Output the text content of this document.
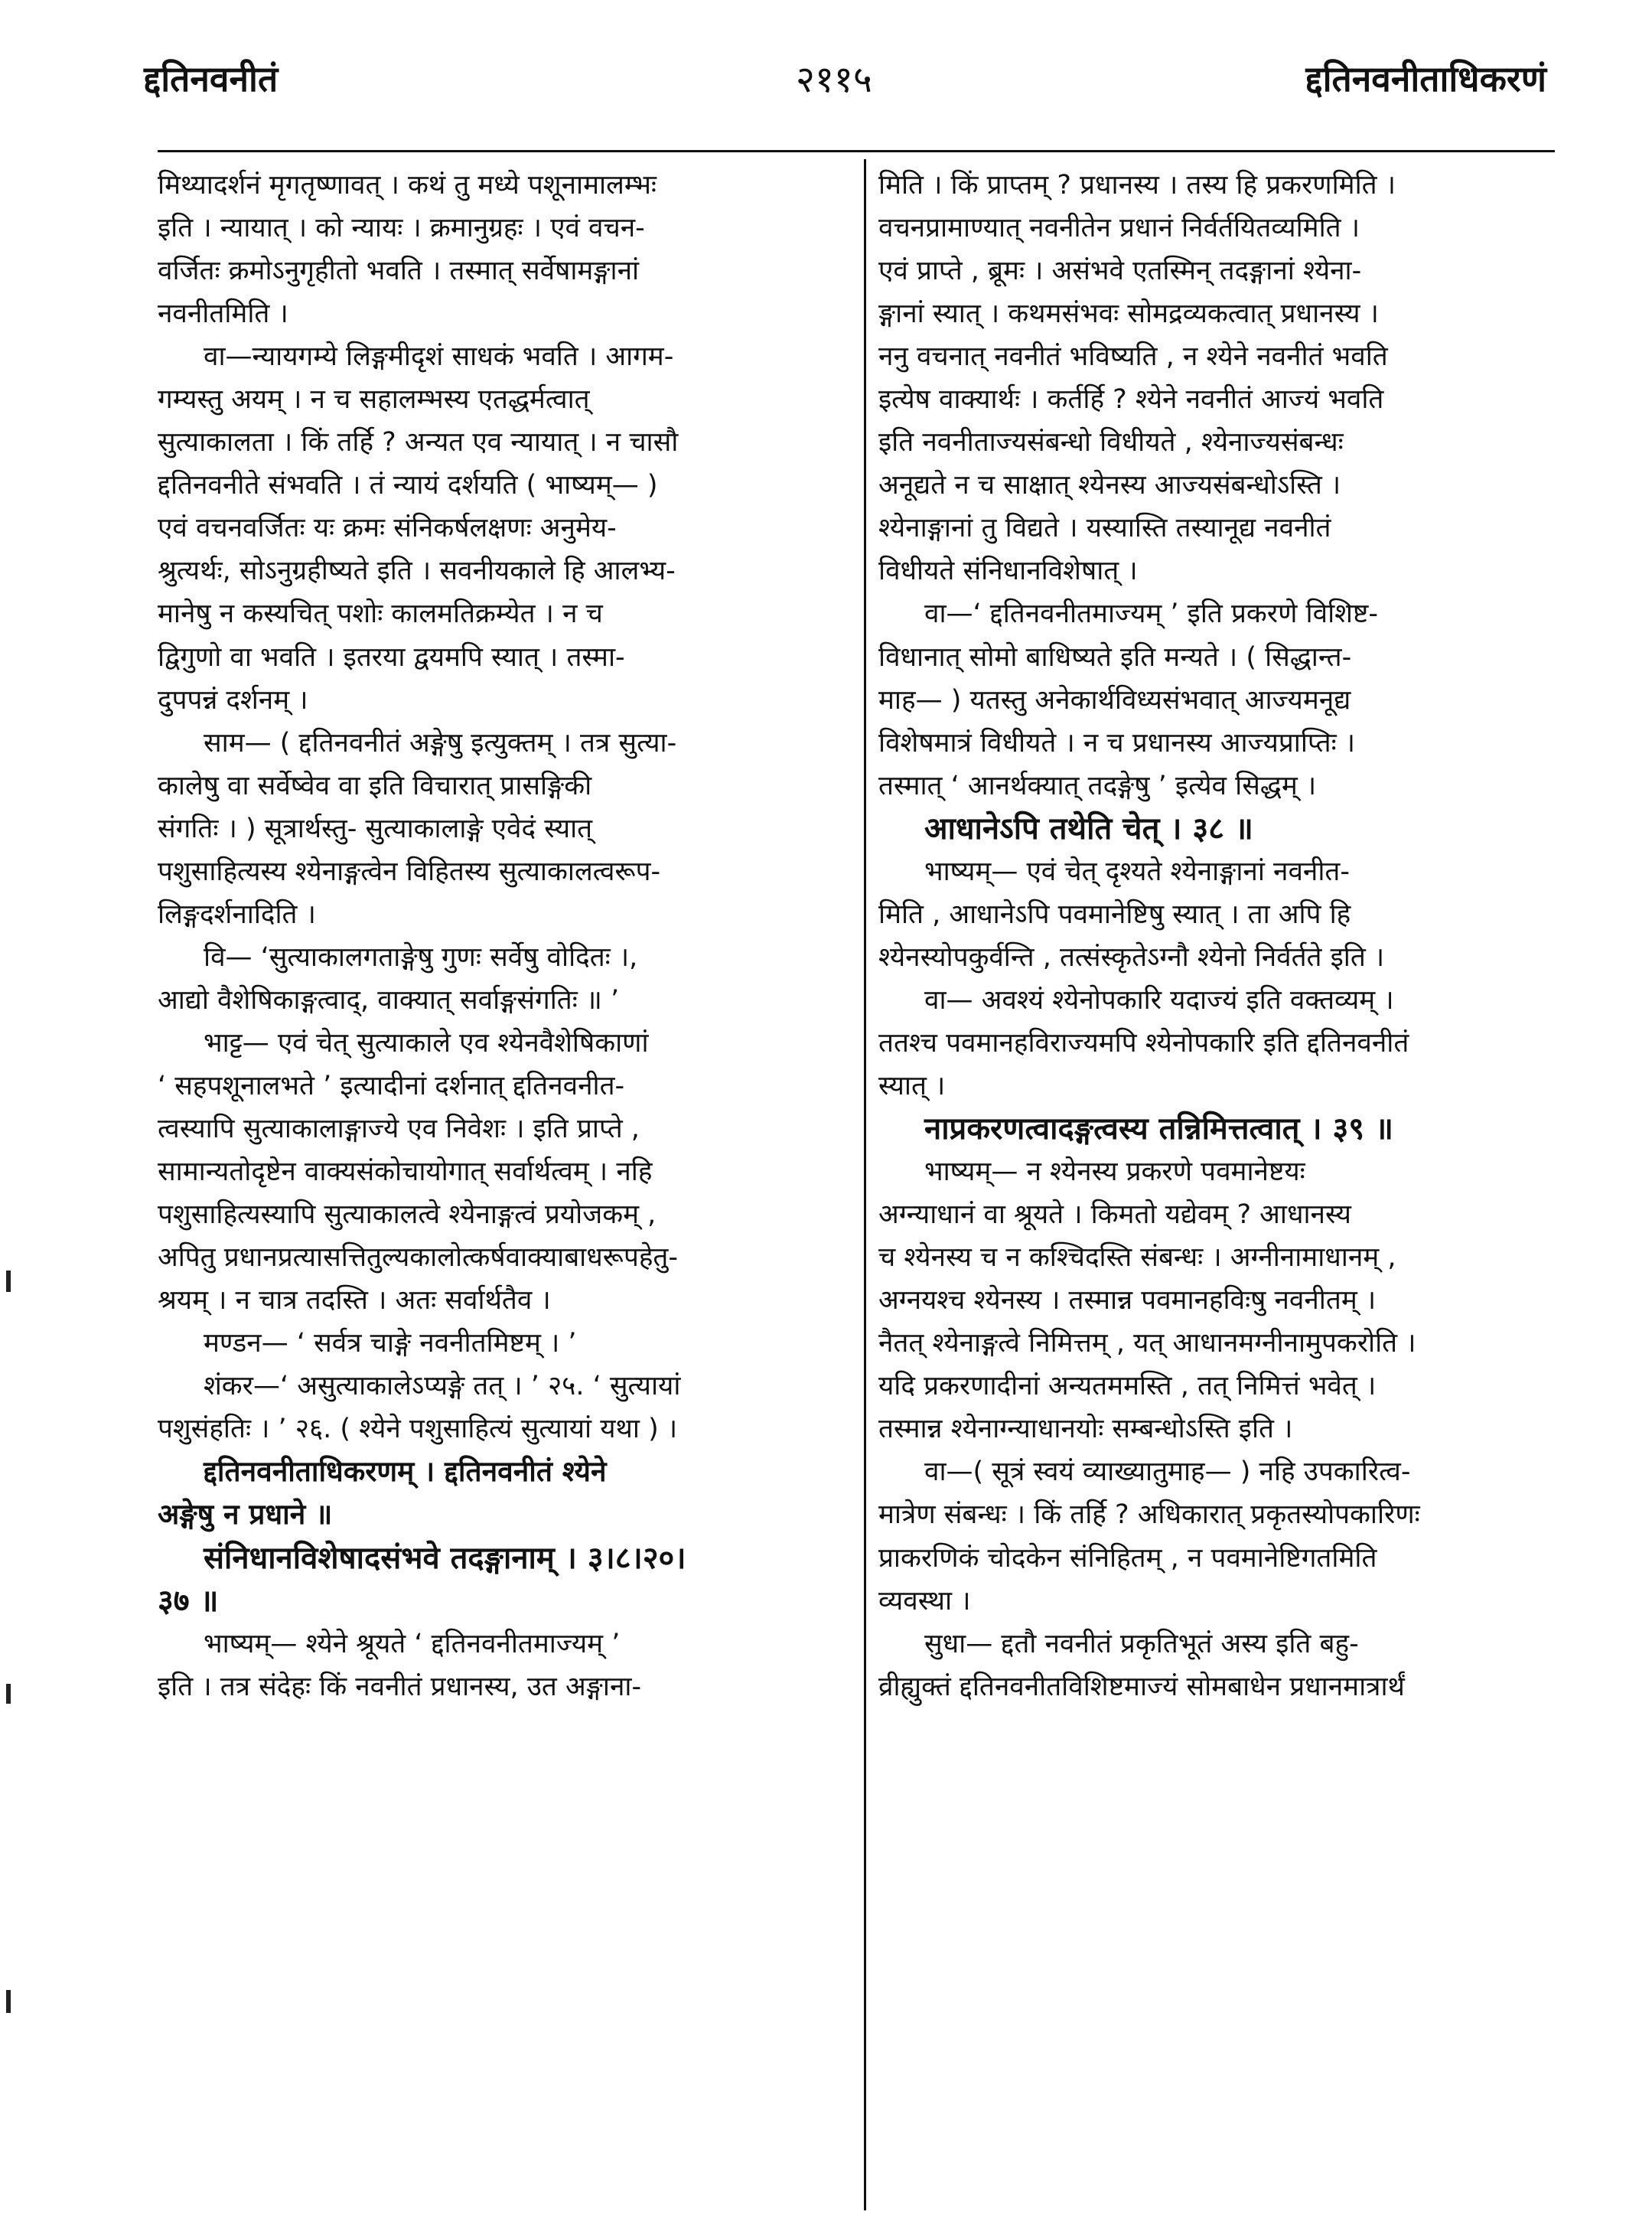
द्दतिनवनीतं	२११५	द्दतिनवनीताधिकरणं
मिथ्यादर्शनं मृगतृष्णावत् । कथं तु मध्ये पशूनामालम्भः
इति । न्यायात् । को न्यायः । क्रमानुग्रहः । एवं वचन-
वर्जितः क्रमोऽनुगृहीतो भवति । तस्मात् सर्वेषामङ्गानां
नवनीतमिति ।
वा—न्यायगम्ये लिङ्गमीदृशं साधकं भवति । आगम-
गम्यस्तु अयम् । न च सहालम्भस्य एतद्धर्मत्वात्
सुत्याकालता । किं तर्हि ? अन्यत एव न्यायात् । न चासौ
द्दतिनवनीते संभवति । तं न्यायं दर्शयति ( भाष्यम्— )
एवं वचनवर्जितः यः क्रमः संनिकर्षलक्षणः अनुमेय-
श्रुत्यर्थः, सोऽनुग्रहीष्यते इति । सवनीयकाले हि आलभ्य-
मानेषु न कस्यचित् पशोः कालमतिक्रम्येत । न च
द्विगुणो वा भवति । इतरया द्वयमपि स्यात् । तस्मा-
दुपपन्नं दर्शनम् ।
साम— ( द्दतिनवनीतं अङ्गेषु इत्युक्तम् । तत्र सुत्या-
कालेषु वा सर्वेष्वेव वा इति विचारात् प्रासङ्गिकी
संगतिः । ) सूत्रार्थस्तु- सुत्याकालाङ्गे एवेदं स्यात्
पशुसाहित्यस्य श्येनाङ्गत्वेन विहितस्य सुत्याकालत्वरूप-
लिङ्गदर्शनादिति ।
वि— ‘सुत्याकालगताङ्गेषु गुणः सर्वेषु वोदितः ।,
आद्यो वैशेषिकाङ्गत्वाद्, वाक्यात् सर्वाङ्गसंगतिः ॥ ’
भाट्ट— एवं चेत् सुत्याकाले एव श्येनवैशेषिकाणां
‘ सहपशूनालभते ’ इत्यादीनां दर्शनात् द्दतिनवनीत-
त्वस्यापि सुत्याकालाङ्गाज्ये एव निवेशः । इति प्राप्ते ,
सामान्यतोदृष्टेन वाक्यसंकोचायोगात् सर्वार्थत्वम् । नहि
पशुसाहित्यस्यापि सुत्याकालत्वे श्येनाङ्गत्वं प्रयोजकम् ,
अपितु प्रधानप्रत्यासत्तितुल्यकालोत्कर्षवाक्याबाधरूपहेतु-
श्रयम् । न चात्र तदस्ति । अतः सर्वार्थतैव ।
मण्डन— ‘ सर्वत्र चाङ्गे नवनीतमिष्टम् । ’
शंकर—‘ असुत्याकालेऽप्यङ्गे तत् । ’ २५. ‘ सुत्यायां
पशुसंहतिः । ’ २६. ( श्येने पशुसाहित्यं सुत्यायां यथा ) ।
द्दतिनवनीताधिकरणम् । द्दतिनवनीतं श्येने
अङ्गेषु न प्रधाने ॥
संनिधानविशेषादसंभवे तदङ्गानाम् । ३।८।२०।
३७ ॥
भाष्यम्— श्येने श्रूयते ‘ द्दतिनवनीतमाज्यम् ’
इति । तत्र संदेहः किं नवनीतं प्रधानस्य, उत अङ्गाना-
मिति । किं प्राप्तम् ? प्रधानस्य । तस्य हि प्रकरणमिति ।
वचनप्रामाण्यात् नवनीतेन प्रधानं निर्वर्तयितव्यमिति ।
एवं प्राप्ते , ब्रूमः । असंभवे एतस्मिन् तदङ्गानां श्येना-
ङ्गानां स्यात् । कथमसंभवः सोमद्रव्यकत्वात् प्रधानस्य ।
ननु वचनात् नवनीतं भविष्यति , न श्येने नवनीतं भवति
इत्येष वाक्यार्थः । कर्तर्हि ? श्येने नवनीतं आज्यं भवति
इति नवनीताज्यसंबन्धो विधीयते , श्येनाज्यसंबन्धः
अनूद्यते न च साक्षात् श्येनस्य आज्यसंबन्धोऽस्ति ।
श्येनाङ्गानां तु विद्यते । यस्यास्ति तस्यानूद्य नवनीतं
विधीयते संनिधानविशेषात् ।
वा—‘ द्दतिनवनीतमाज्यम् ’ इति प्रकरणे विशिष्ट-
विधानात् सोमो बाधिष्यते इति मन्यते । ( सिद्धान्त-
माह— ) यतस्तु अनेकार्थविध्यसंभवात् आज्यमनूद्य
विशेषमात्रं विधीयते । न च प्रधानस्य आज्यप्राप्तिः ।
तस्मात् ‘ आनर्थक्यात् तदङ्गेषु ’ इत्येव सिद्धम् ।
आधानेऽपि तथेति चेत् । ३८ ॥
भाष्यम्— एवं चेत् दृश्यते श्येनाङ्गानां नवनीत-
मिति , आधानेऽपि पवमानेष्टिषु स्यात् । ता अपि हि
श्येनस्योपकुर्वन्ति , तत्संस्कृतेऽग्नौ श्येनो निर्वर्तते इति ।
वा— अवश्यं श्येनोपकारि यदाज्यं इति वक्तव्यम् ।
ततश्च पवमानहविराज्यमपि श्येनोपकारि इति द्दतिनवनीतं
स्यात् ।
नाप्रकरणत्वादङ्गत्वस्य तन्निमित्तत्वात् । ३९ ॥
भाष्यम्— न श्येनस्य प्रकरणे पवमानेष्टयः
अग्न्याधानं वा श्रूयते । किमतो यद्येवम् ? आधानस्य
च श्येनस्य च न कश्चिदस्ति संबन्धः । अग्नीनामाधानम् ,
अग्नयश्च श्येनस्य । तस्मान्न पवमानहविःषु नवनीतम् ।
नैतत् श्येनाङ्गत्वे निमित्तम् , यत् आधानमग्नीनामुपकरोति ।
यदि प्रकरणादीनां अन्यतममस्ति , तत् निमित्तं भवेत् ।
तस्मान्न श्येनाग्न्याधानयोः सम्बन्धोऽस्ति इति ।
वा—( सूत्रं स्वयं व्याख्यातुमाह— ) नहि उपकारित्व-
मात्रेण संबन्धः । किं तर्हि ? अधिकारात् प्रकृतस्योपकारिणः
प्राकरणिकं चोदकेन संनिहितम् , न पवमानेष्टिगतमिति
व्यवस्था ।
सुधा— द्दतौ नवनीतं प्रकृतिभूतं अस्य इति बहु-
व्रीह्युक्तं द्दतिनवनीतविशिष्टमाज्यं सोमबाधेन प्रधानमात्रार्थं
